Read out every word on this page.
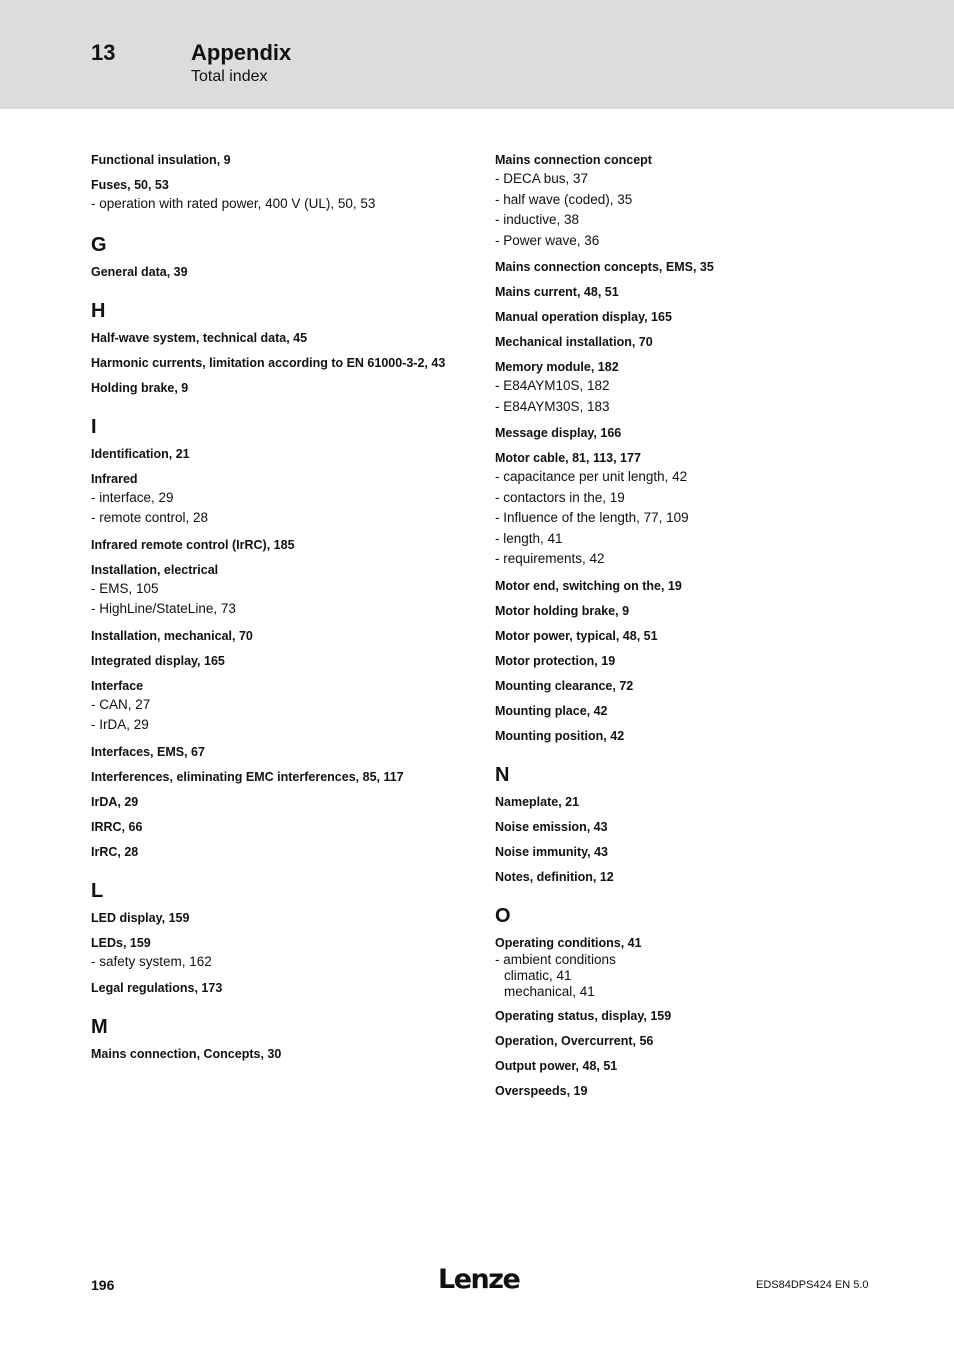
13	Appendix
Total index
Functional insulation, 9
Fuses, 50, 53
- operation with rated power, 400 V (UL), 50, 53
G
General data, 39
H
Half-wave system, technical data, 45
Harmonic currents, limitation according to EN 61000-3-2, 43
Holding brake, 9
I
Identification, 21
Infrared
- interface, 29
- remote control, 28
Infrared remote control (IrRC), 185
Installation, electrical
- EMS, 105
- HighLine/StateLine, 73
Installation, mechanical, 70
Integrated display, 165
Interface
- CAN, 27
- IrDA, 29
Interfaces, EMS, 67
Interferences, eliminating EMC interferences, 85, 117
IrDA, 29
IRRC, 66
IrRC, 28
L
LED display, 159
LEDs, 159
- safety system, 162
Legal regulations, 173
M
Mains connection, Concepts, 30
Mains connection concept
- DECA bus, 37
- half wave (coded), 35
- inductive, 38
- Power wave, 36
Mains connection concepts, EMS, 35
Mains current, 48, 51
Manual operation display, 165
Mechanical installation, 70
Memory module, 182
- E84AYM10S, 182
- E84AYM30S, 183
Message display, 166
Motor cable, 81, 113, 177
- capacitance per unit length, 42
- contactors in the, 19
- Influence of the length, 77, 109
- length, 41
- requirements, 42
Motor end, switching on the, 19
Motor holding brake, 9
Motor power, typical, 48, 51
Motor protection, 19
Mounting clearance, 72
Mounting place, 42
Mounting position, 42
N
Nameplate, 21
Noise emission, 43
Noise immunity, 43
Notes, definition, 12
O
Operating conditions, 41
- ambient conditions
climatic, 41
mechanical, 41
Operating status, display, 159
Operation, Overcurrent, 56
Output power, 48, 51
Overspeeds, 19
196	Lenze	EDS84DPS424 EN 5.0
